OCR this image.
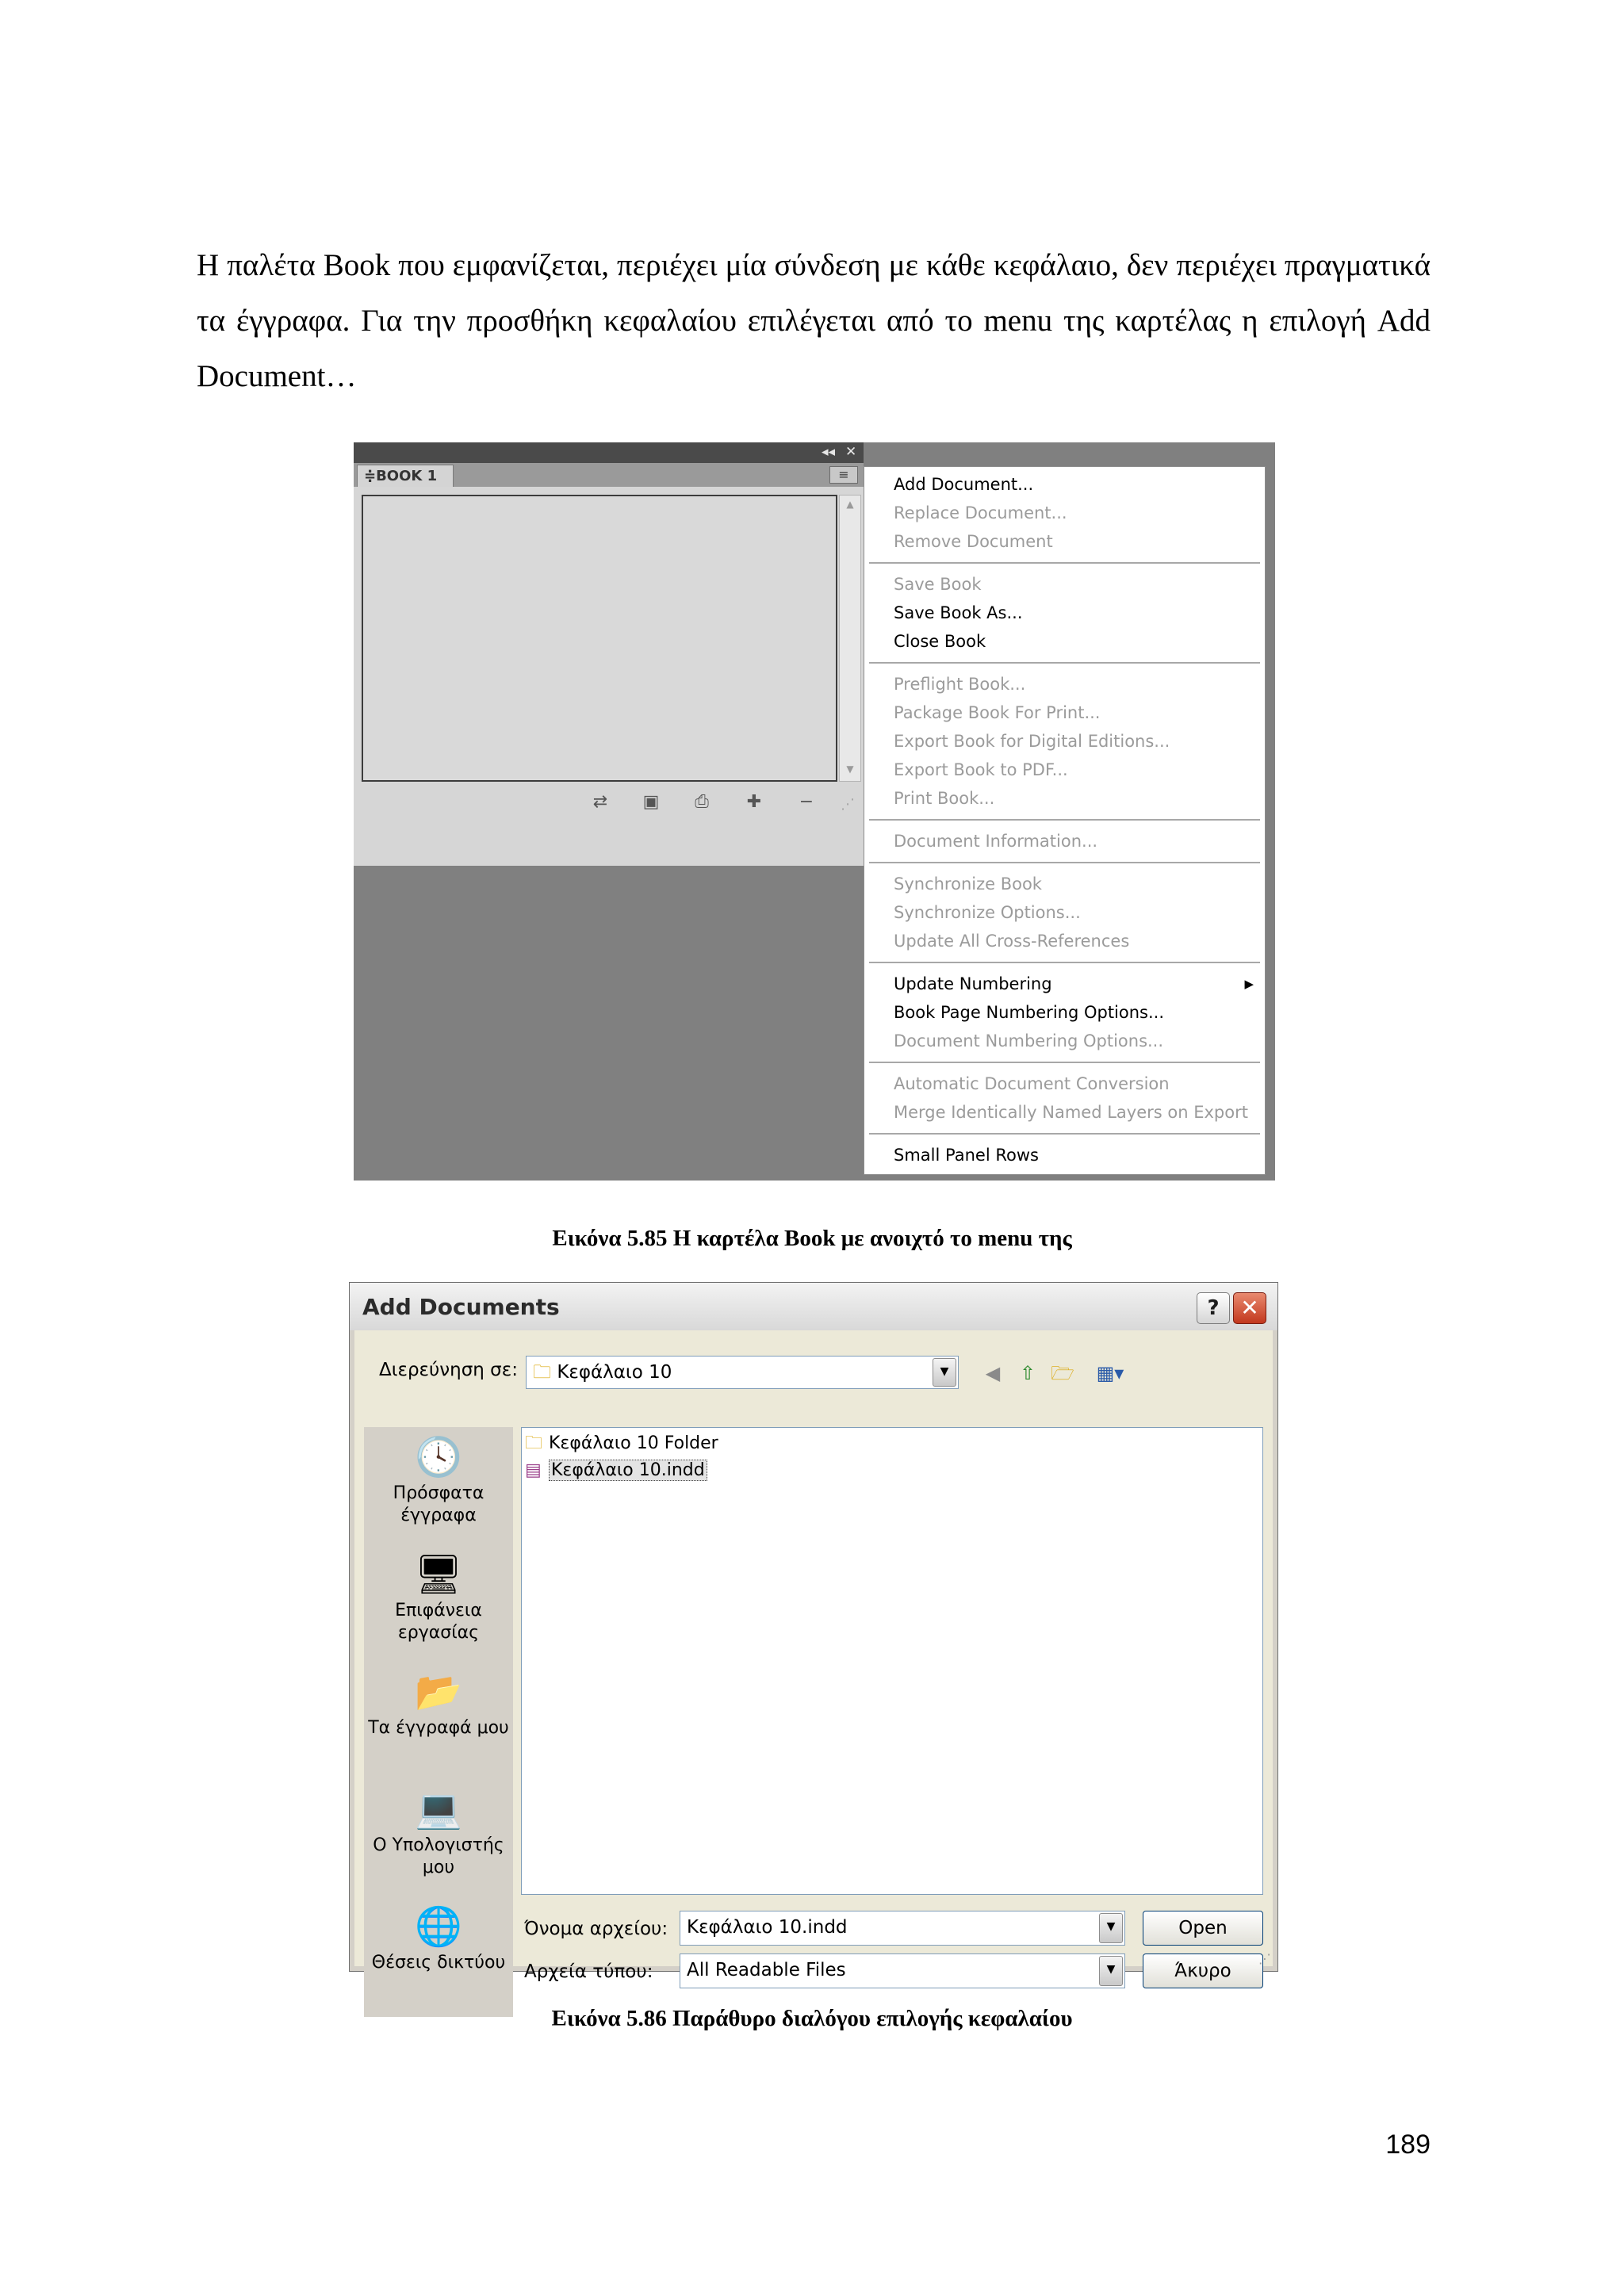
Η παλέτα Book που εμφανίζεται, περιέχει μία σύνδεση με κάθε κεφάλαιο, δεν περιέχει πραγματικά τα έγγραφα. Για την προσθήκη κεφαλαίου επιλέγεται από το menu της καρτέλας η επιλογή Add Document…

◂◂ ✕
≑BOOK 1	≡
▲
▼
⇄ ▣ ⎙ ✚ −	⋰
Add Document...
Replace Document...
Remove Document
Save Book
Save Book As...
Close Book
Preflight Book...
Package Book For Print...
Export Book for Digital Editions...
Export Book to PDF...
Print Book...
Document Information...
Synchronize Book
Synchronize Options...
Update All Cross-References
Update Numbering	▶
Book Page Numbering Options...
Document Numbering Options...
Automatic Document Conversion
Merge Identically Named Layers on Export
Small Panel Rows
Εικόνα 5.85 Η καρτέλα Book με ανοιχτό το menu της
Add Documents	? ✕
Διερεύνηση σε: 🗀 Κεφάλαιο 10	▼	◀	⇧ 🗁	▦▾
🕓
Πρόσφατα έγγραφα
🖥
Επιφάνεια εργασίας
📂
Τα έγγραφά μου
💻
Ο Υπολογιστής μου
🌐
Θέσεις δικτύου
🗀 Κεφάλαιο 10 Folder
▤ Κεφάλαιο 10.indd
Όνομα αρχείου: Κεφάλαιο 10.indd	▼	Open
Αρχεία τύπου: All Readable Files	▼	Άκυρο
⋰
Εικόνα 5.86 Παράθυρο διαλόγου επιλογής κεφαλαίου
189
